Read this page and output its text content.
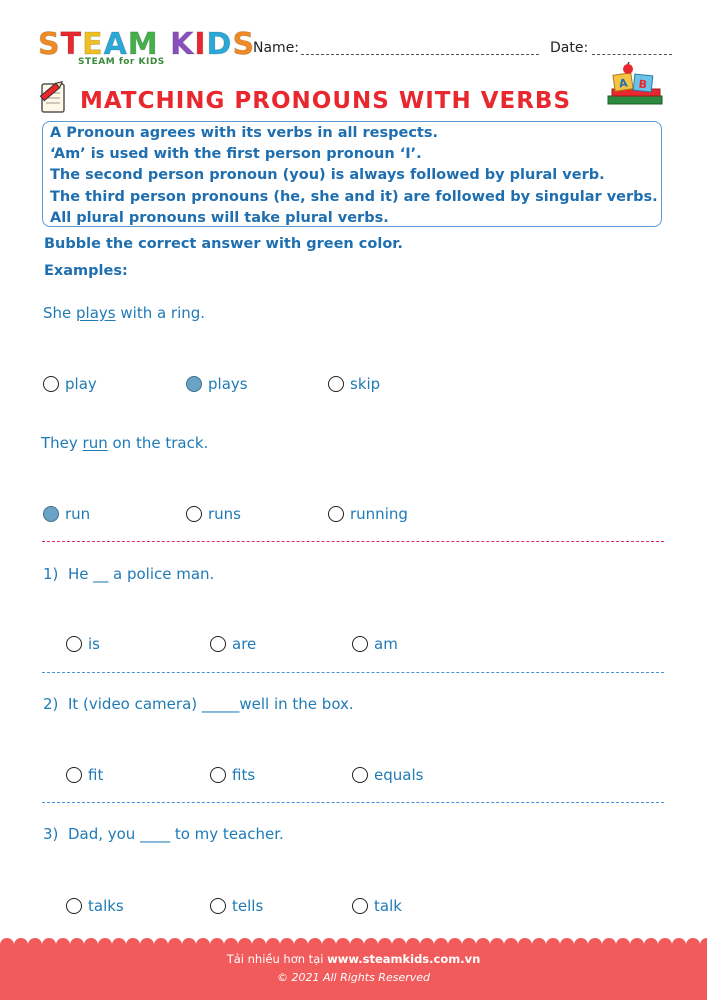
STEAM KIDS
STEAM for KIDS
Name:	Date:
MATCHING PRONOUNS WITH VERBS
A B

A Pronoun agrees with its verbs in all respects.

‘Am’ is used with the first person pronoun ‘I’.

The second person pronoun (you) is always followed by plural verb.

The third person pronouns (he, she and it) are followed by singular verbs.

All plural pronouns will take plural verbs.

Bubble the correct answer with green color.
Examples:
She plays with a ring.
play	plays	skip
They run on the track.
run	runs	running
1) He __ a police man.
is	are	am
2) It (video camera) _____well in the box.
fit	fits	equals
3) Dad, you ____ to my teacher.
talks	tells	talk
Tải nhiều hơn tại www.steamkids.com.vn
© 2021 All Rights Reserved
